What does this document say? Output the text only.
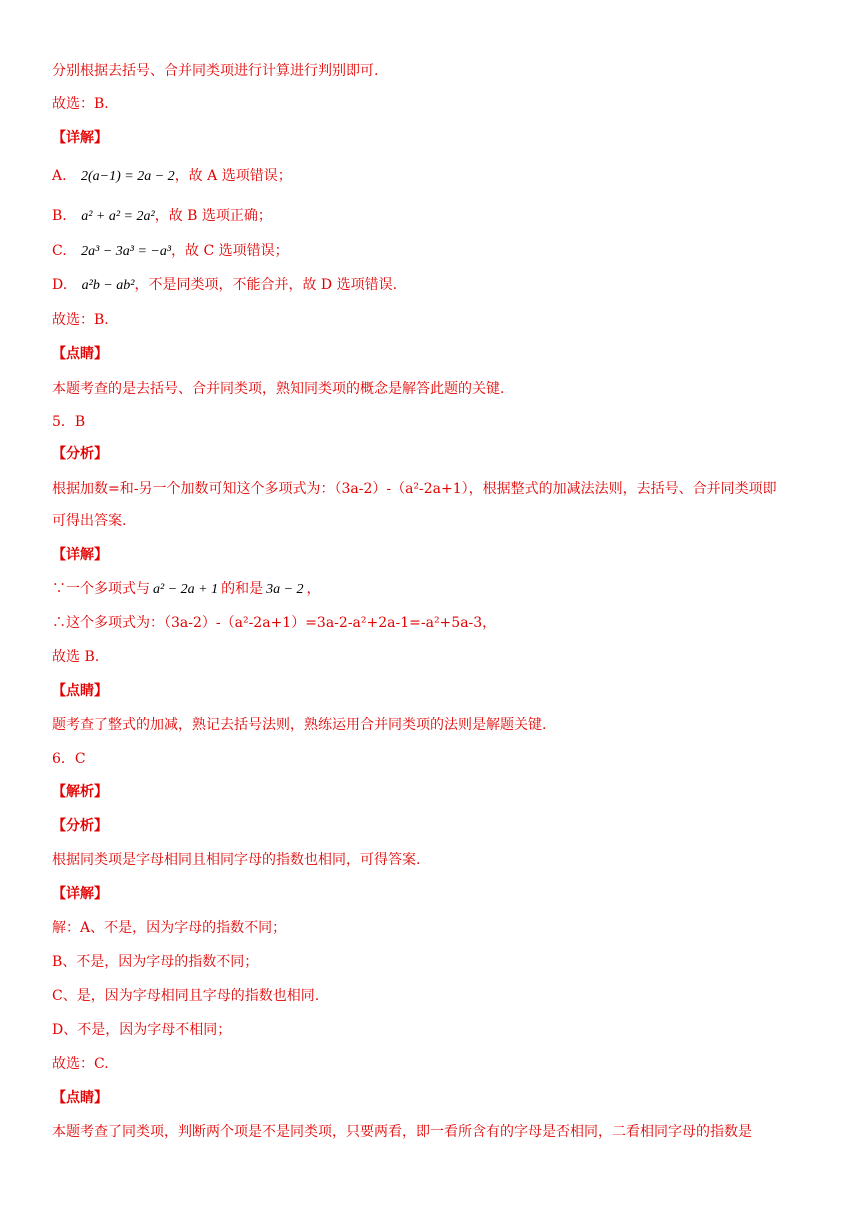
分别根据去括号、合并同类项进行计算进行判别即可.
故选：B.
【详解】
A. 2(a−1) = 2a − 2，故 A 选项错误；
B. a² + a² = 2a²，故 B 选项正确；
C. 2a³ − 3a³ = −a³，故 C 选项错误；
D. a²b − ab²，不是同类项，不能合并，故 D 选项错误.
故选：B.
【点睛】
本题考查的是去括号、合并同类项，熟知同类项的概念是解答此题的关键.
5．B
【分析】
根据加数=和-另一个加数可知这个多项式为：（3a-2）-（a²-2a+1），根据整式的加减法法则，去括号、合并同类项即
可得出答案.
【详解】
∵一个多项式与 a² − 2a + 1 的和是 3a − 2 ，
∴这个多项式为：（3a-2）-（a²-2a+1）=3a-2-a²+2a-1=-a²+5a-3，
故选 B.
【点睛】
题考查了整式的加减，熟记去括号法则，熟练运用合并同类项的法则是解题关键.
6．C
【解析】
【分析】
根据同类项是字母相同且相同字母的指数也相同，可得答案.
【详解】
解：A、不是，因为字母的指数不同；
B、不是，因为字母的指数不同；
C、是，因为字母相同且字母的指数也相同.
D、不是，因为字母不相同；
故选：C.
【点睛】
本题考查了同类项，判断两个项是不是同类项，只要两看，即一看所含有的字母是否相同，二看相同字母的指数是
